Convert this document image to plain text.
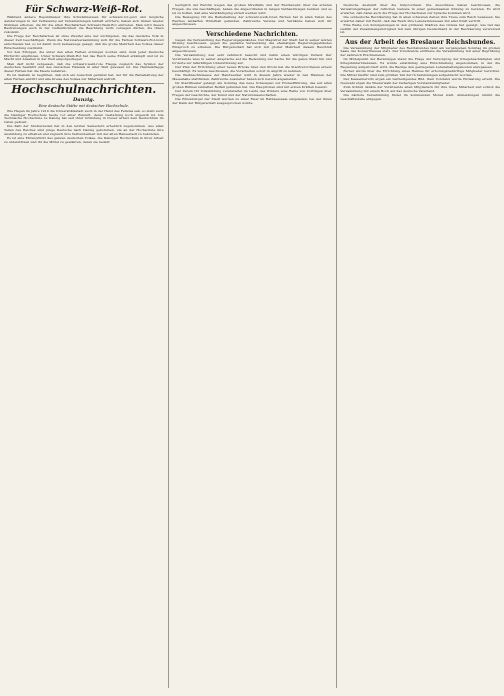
Für Schwarz-Weiß-Rot.

Während andere Republikaner ihre Schwärmereien für schwarz-rot-gold und mögliche Aenderungen in der Verfassung auf Versammlungen lebhaft erörtern, haben sich immer wieder Stimmen erhoben, die für die alten Reichsfarben Schwarz-Weiß-Rot eintreten. Man wird diesen Bestrebungen auch in der Oeffentlichkeit die Beachtung nicht versagen dürfen, die ihnen zukommt.

Die Frage der Reichsfarben ist ohne Zweifel eine der wichtigsten, die das deutsche Volk in dieser Zeit beschäftigen. Wenn die Nationalversammlung sich für die Farben Schwarz-Rot-Gold entschieden hat, so ist damit doch keineswegs gesagt, daß die große Mehrheit des Volkes dieser Entscheidung zustimmt.

Vor den Erfolgen, die unter den alten Farben errungen worden sind, muß jeder Deutsche Ehrfurcht empfinden. Unter Schwarz-Weiß-Rot hat das Reich seine Einheit erkämpft und ist zu Macht und Ansehen in der Welt emporgestiegen.

Man darf nicht vergessen, daß die schwarz-weiß-rote Flagge zugleich das Symbol der deutschen Seefahrt und des deutschen Handels in aller Welt gewesen ist. Die Handelsflagge dieser Farben hat die Meere befahren.

Es ist deshalb zu begrüßen, daß sich ein Ausschuß gebildet hat, der für die Beibehaltung der alten Farben eintritt und alle Kreise des Volkes zur Mitarbeit aufruft.

Hochschulnachrichten.
Danzig.
Eine deutsche Stätte mit deutscher Hochschule.

Wie Hagen im Jahre 1919 die Universitätsstadt auch in der Hand des Feindes sah, so steht auch die Danziger Hochschule heute vor einer Zukunft, deren Gestaltung noch ungewiß ist. Die Technische Hochschule zu Danzig hat seit ihrer Gründung in treuer Arbeit dem Deutschtum im Osten gedient.

Die Zahl der Studierenden hat in den letzten Semestern erheblich zugenommen. Aus allen Teilen des Reiches sind junge Deutsche nach Danzig gekommen, um an der Hochschule ihre Ausbildung zu erhalten und zugleich ihre Verbundenheit mit der alten Hansestadt zu bekunden.

Es ist eine Ehrenpflicht des ganzen deutschen Volkes, die Danziger Hochschule in ihrer Arbeit zu unterstützen und ihr die Mittel zu gewähren, deren sie bedarf.

bezüglich der Reform wegen des großen Streitfalls und der Reichswehr, über die ernsten Fragen, die uns beschäftigen, haben die Abgeordneten in langen Verhandlungen beraten und es ist zu hoffen, daß eine Verständigung erzielt werden wird.

Die Bewegung für die Beibehaltung der schwarz-weiß-roten Farben hat in allen Teilen des Reiches lebhaften Widerhall gefunden. Zahlreiche Vereine und Verbände haben sich ihr angeschlossen.

Verschiedene Nachrichten.

Gegen die Verwandlung des Regierungsgebäudes. Der Magistrat der Stadt hat in seiner letzten Sitzung beschlossen, gegen die geplante Verwendung des ehemaligen Regierungsgebäudes Einspruch zu erheben. Die Bürgerschaft hat sich mit großer Mehrheit diesem Beschluß angeschlossen.

Die Versammlung war sehr zahlreich besucht und nahm einen würdigen Verlauf. Der Vorsitzende wies in seiner Ansprache auf die Bedeutung der Sache für die ganze Stadt hin und forderte zur tatkräftigen Unterstützung auf.

Der Plan der Errichtung einer neuen Brücke über den Strom hat die Stadtverordneten erneut beschäftigt. Es wurde beschlossen, die Vorarbeiten sofort in Angriff zu nehmen.

Die Weihnachtsmesse der Handwerker wird in diesem Jahre wieder in den Räumen der Messehalle stattfinden. Zahlreiche Aussteller haben sich bereits angemeldet.

Im Stadttheater gelangt am Sonntag das neue Schauspiel zur Erstaufführung, das auf allen großen Bühnen lebhaften Beifall gefunden hat. Die Hauptrollen sind mit ersten Kräften besetzt.

Der Verein für Volksbildung veranstaltet im Laufe des Winters eine Reihe von Vorträgen über Fragen der Geschichte, der Kunst und der Naturwissenschaften.

Die Ehrenbürger der Stadt wurden zu einer Feier im Rathaussaale eingeladen, bei der ihnen der Dank der Bürgerschaft ausgesprochen wurde.

Deutsche Auskunft über die Ostprovinzen. Die Ausschüsse haben beschlossen, die Verwaltungsfragen der östlichen Gebiete in einer gemeinsamen Sitzung zu beraten. Es wird erwartet, daß dabei auch die Frage der Hochschulen zur Sprache kommen wird.

Die ostdeutsche Bevölkerung hat in allen schweren Zeiten ihre Treue zum Reich bewiesen. Sie erwartet daher mit Recht, daß das Reich ihre Lebensinteressen mit aller Kraft vertritt.

Eine Reihe von Kundgebungen in den größeren Städten des Ostens hat gezeigt, wie tief das Gefühl der Zusammengehörigkeit mit dem übrigen Deutschland in der Bevölkerung verwurzelt ist.

Aus der Arbeit des Breslauer Reichsbundes.

Die Versammlung der Mitglieder des Reichsbundes fand am vergangenen Sonntag im großen Saale des Konzerthauses statt. Der Vorsitzende eröffnete die Versammlung mit einer Begrüßung der zahlreich Erschienenen.

Im Mittelpunkt der Beratungen stand die Frage der Versorgung der Kriegsbeschädigten und Kriegshinterbliebenen. Es wurde einstimmig eine Entschließung angenommen, in der die Regierung aufgefordert wird, die Bezüge den gestiegenen Lebenshaltungskosten anzupassen.

Ferner wurde über die Errichtung eines Heimes für erholungsbedürftige Mitglieder berichtet. Die Mittel hierfür sind zum größten Teil durch Sammlungen aufgebracht worden.

Der Kassenbericht ergab ein befriedigendes Bild. Dem Vorstand wurde Entlastung erteilt. Die Neuwahl ergab die Wiederwahl der bisherigen Vorstandsmitglieder.

Zum Schluß dankte der Vorsitzende allen Mitgliedern für ihre treue Mitarbeit und schloß die Versammlung mit einem Hoch auf das deutsche Vaterland.

Die nächste Versammlung findet im kommenden Monat statt. Anmeldungen nimmt die Geschäftsstelle entgegen.
